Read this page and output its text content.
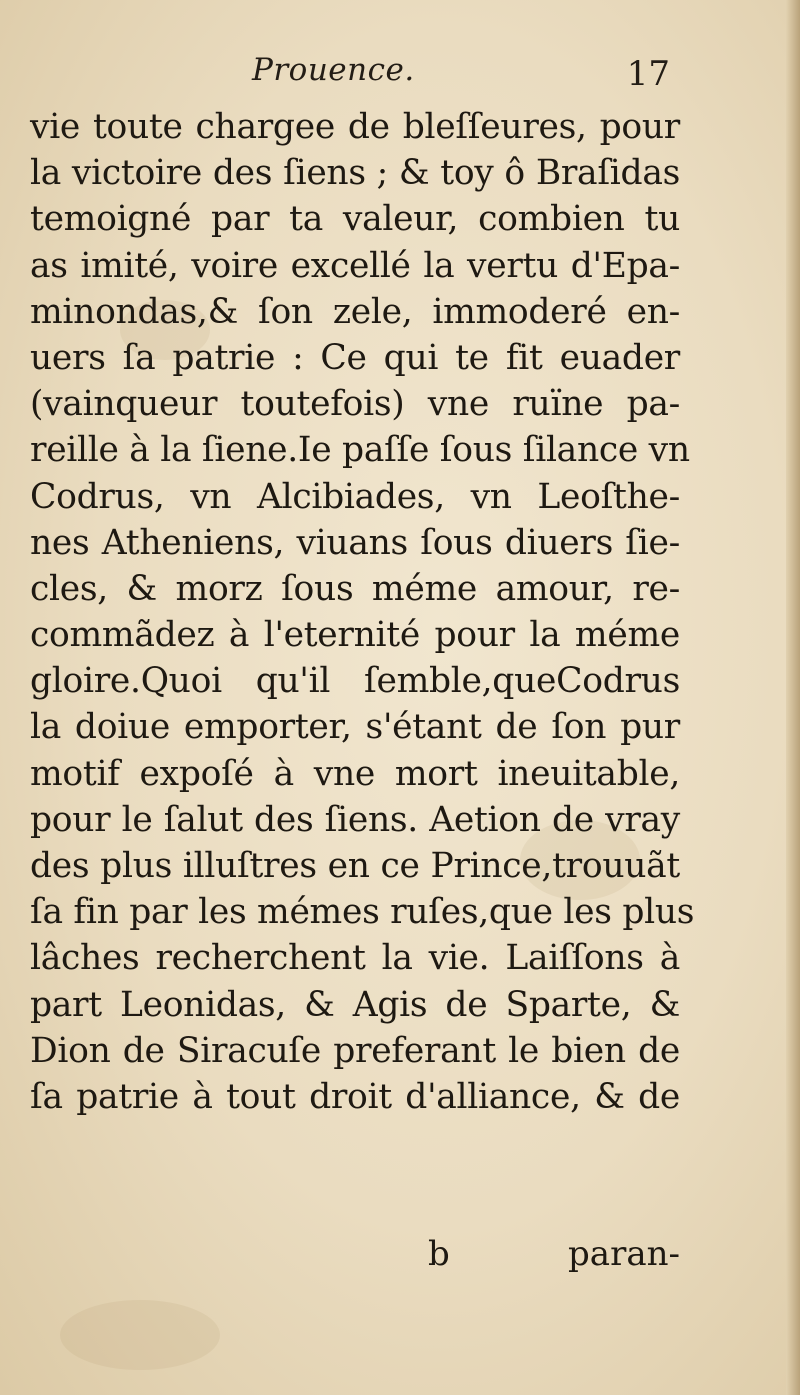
Prouence.	17
vie toute chargee de bleſſeures, pour
la victoire des ſiens ; & toy ô Braſidas
temoigné par ta valeur, combien tu
as imité, voire excellé la vertu d'Epa-
minondas,& ſon zele, immoderé en-
uers ſa patrie : Ce qui te fit euader
(vainqueur toutefois) vne ruïne pa-
reille à la ſiene.Ie paſſe ſous ſilance vn
Codrus, vn Alcibiades, vn Leoſthe-
nes Atheniens, viuans ſous diuers ſie-
cles, & morz ſous méme amour, re-
commãdez à l'eternité pour la méme
gloire.Quoi qu'il ſemble,queCodrus
la doiue emporter, s'étant de ſon pur
motif expoſé à vne mort ineuitable,
pour le ſalut des ſiens. Aetion de vray
des plus illuſtres en ce Prince,trouuãt
ſa fin par les mémes ruſes,que les plus
lâches recherchent la vie. Laiſſons à
part Leonidas, & Agis de Sparte, &
Dion de Siracuſe preferant le bien de
ſa patrie à tout droit d'alliance, & de
b	paran-
